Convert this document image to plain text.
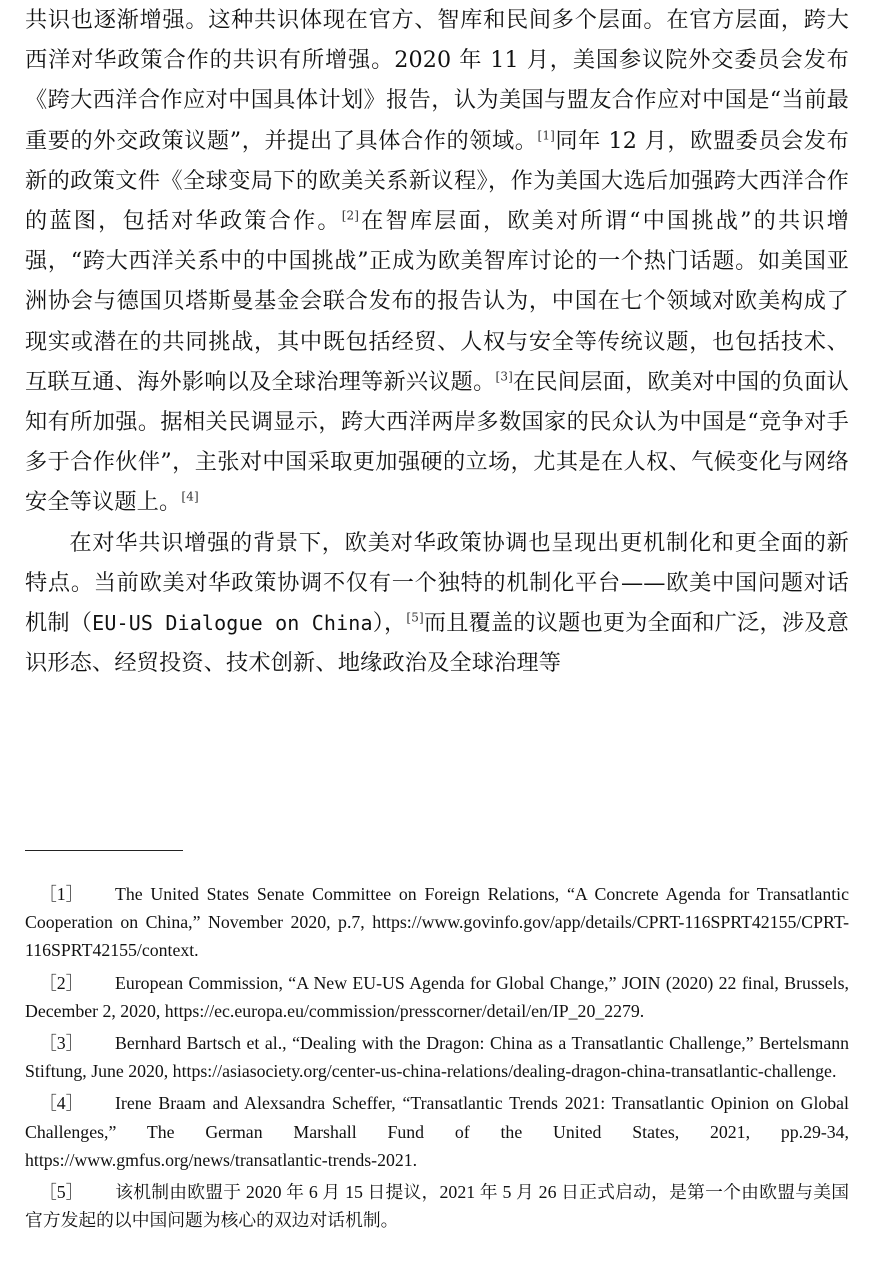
共识也逐渐增强。这种共识体现在官方、智库和民间多个层面。在官方层面，跨大西洋对华政策合作的共识有所增强。2020 年 11 月，美国参议院外交委员会发布《跨大西洋合作应对中国具体计划》报告，认为美国与盟友合作应对中国是“当前最重要的外交政策议题”，并提出了具体合作的领域。[1]同年 12 月，欧盟委员会发布新的政策文件《全球变局下的欧美关系新议程》，作为美国大选后加强跨大西洋合作的蓝图，包括对华政策合作。[2]在智库层面，欧美对所谓“中国挑战”的共识增强，“跨大西洋关系中的中国挑战”正成为欧美智库讨论的一个热门话题。如美国亚洲协会与德国贝塔斯曼基金会联合发布的报告认为，中国在七个领域对欧美构成了现实或潜在的共同挑战，其中既包括经贸、人权与安全等传统议题，也包括技术、互联互通、海外影响以及全球治理等新兴议题。[3]在民间层面，欧美对中国的负面认知有所加强。据相关民调显示，跨大西洋两岸多数国家的民众认为中国是“竞争对手多于合作伙伴”，主张对中国采取更加强硬的立场，尤其是在人权、气候变化与网络安全等议题上。[4]

在对华共识增强的背景下，欧美对华政策协调也呈现出更机制化和更全面的新特点。当前欧美对华政策协调不仅有一个独特的机制化平台——欧美中国问题对话机制（EU-US Dialogue on China），[5]而且覆盖的议题也更为全面和广泛，涉及意识形态、经贸投资、技术创新、地缘政治及全球治理等

［1］ The United States Senate Committee on Foreign Relations, “A Concrete Agenda for Transatlantic Cooperation on China,” November 2020, p.7, https://www.govinfo.gov/app/details/CPRT-116SPRT42155/CPRT-116SPRT42155/context.

［2］ European Commission, “A New EU-US Agenda for Global Change,” JOIN (2020) 22 final, Brussels, December 2, 2020, https://ec.europa.eu/commission/presscorner/detail/en/IP_20_2279.

［3］ Bernhard Bartsch et al., “Dealing with the Dragon: China as a Transatlantic Challenge,” Bertelsmann Stiftung, June 2020, https://asiasociety.org/center-us-china-relations/dealing-dragon-china-transatlantic-challenge.

［4］ Irene Braam and Alexsandra Scheffer, “Transatlantic Trends 2021: Transatlantic Opinion on Global Challenges,” The German Marshall Fund of the United States, 2021, pp.29-34, https://www.gmfus.org/news/transatlantic-trends-2021.

［5］ 该机制由欧盟于 2020 年 6 月 15 日提议，2021 年 5 月 26 日正式启动，是第一个由欧盟与美国官方发起的以中国问题为核心的双边对话机制。
